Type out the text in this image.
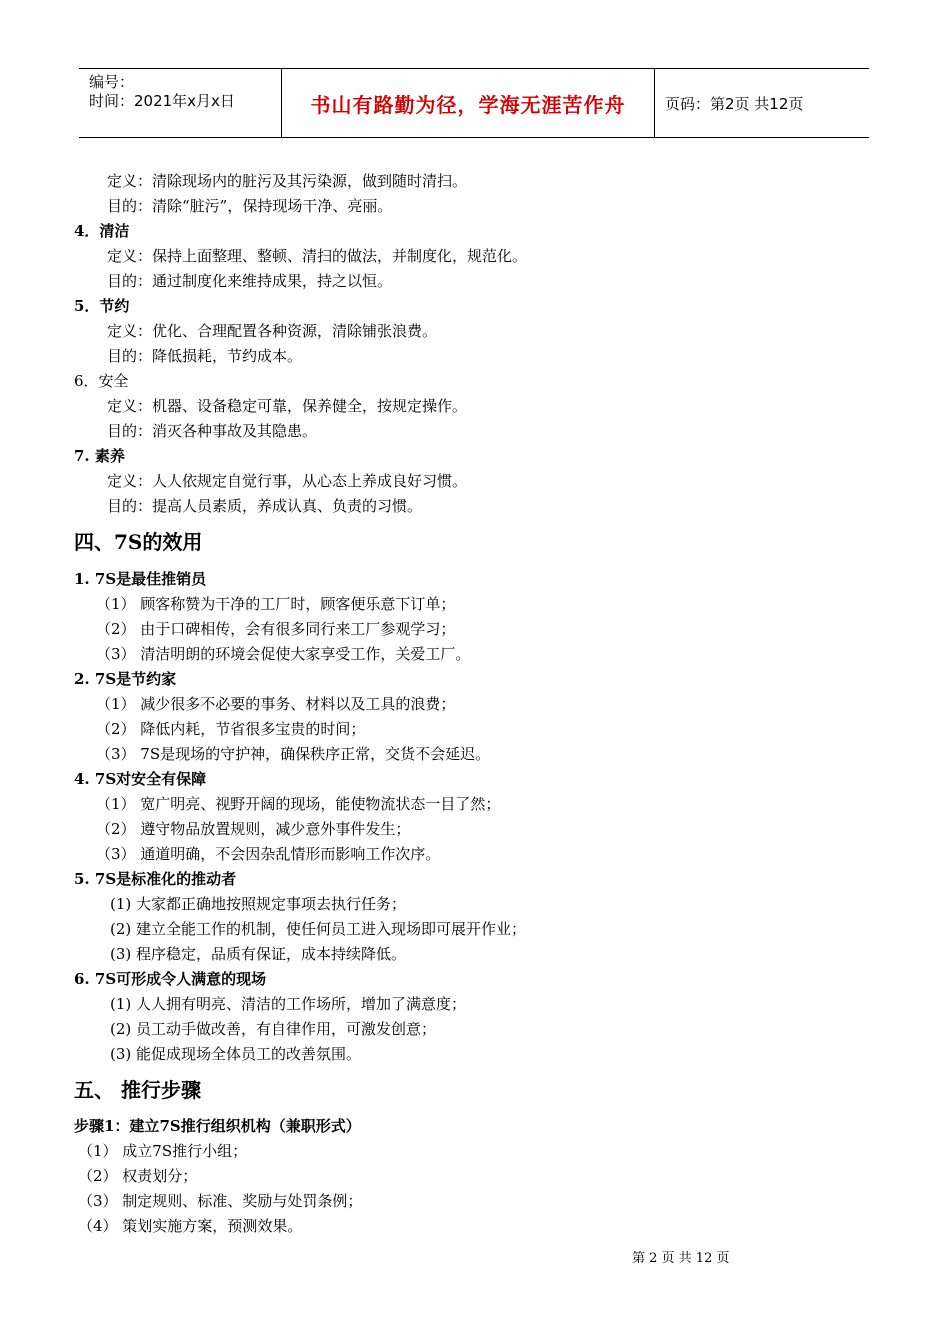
编号：
时间：2021年x月x日	书山有路勤为径，学海无涯苦作舟	页码：第2页 共12页
定义：清除现场内的脏污及其污染源，做到随时清扫。
目的：清除“脏污”，保持现场干净、亮丽。
4．清洁
定义：保持上面整理、整顿、清扫的做法，并制度化，规范化。
目的：通过制度化来维持成果，持之以恒。
5．节约
定义：优化、合理配置各种资源，清除铺张浪费。
目的：降低损耗，节约成本。
6．安全
定义：机器、设备稳定可靠，保养健全，按规定操作。
目的：消灭各种事故及其隐患。
7. 素养
定义：人人依规定自觉行事，从心态上养成良好习惯。
目的：提高人员素质，养成认真、负责的习惯。
四、7S的效用
1. 7S是最佳推销员
（1） 顾客称赞为干净的工厂时，顾客便乐意下订单；
（2） 由于口碑相传，会有很多同行来工厂参观学习；
（3） 清洁明朗的环境会促使大家享受工作，关爱工厂。
2. 7S是节约家
（1） 减少很多不必要的事务、材料以及工具的浪费；
（2） 降低内耗，节省很多宝贵的时间；
（3） 7S是现场的守护神，确保秩序正常，交货不会延迟。
4. 7S对安全有保障
（1） 宽广明亮、视野开阔的现场，能使物流状态一目了然；
（2） 遵守物品放置规则，减少意外事件发生；
（3） 通道明确，不会因杂乱情形而影响工作次序。
5. 7S是标准化的推动者
(1) 大家都正确地按照规定事项去执行任务；
(2) 建立全能工作的机制，使任何员工进入现场即可展开作业；
(3) 程序稳定，品质有保证，成本持续降低。
6. 7S可形成令人满意的现场
(1) 人人拥有明亮、清洁的工作场所，增加了满意度；
(2) 员工动手做改善，有自律作用，可激发创意；
(3) 能促成现场全体员工的改善氛围。
五、 推行步骤
步骤1：建立7S推行组织机构（兼职形式）
（1） 成立7S推行小组；
（2） 权责划分；
（3） 制定规则、标准、奖励与处罚条例；
（4） 策划实施方案，预测效果。
第 2 页 共 12 页
